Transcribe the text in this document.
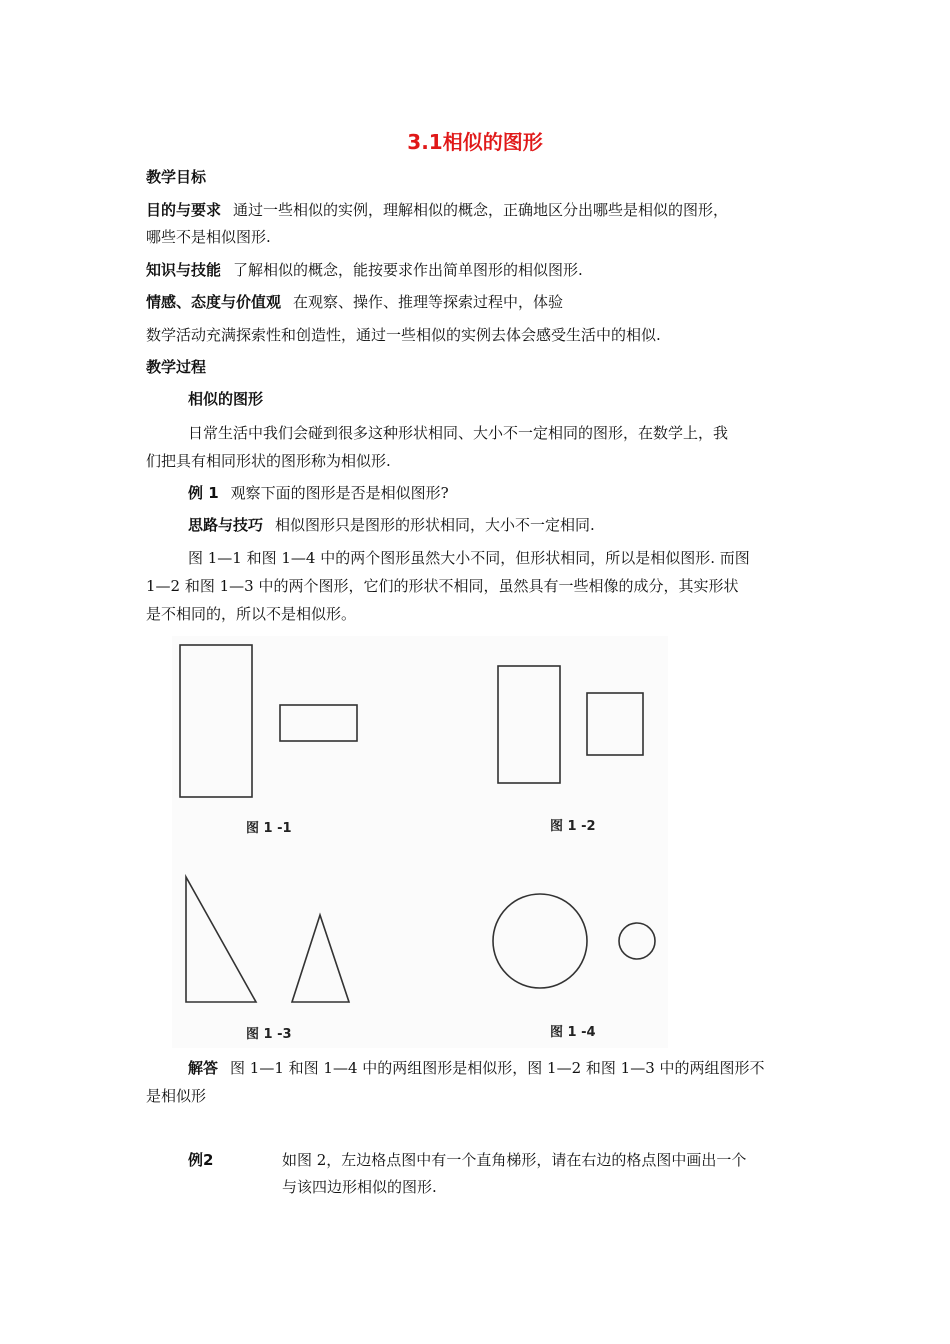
3.1相似的图形
教学目标
目的与要求 通过一些相似的实例，理解相似的概念，正确地区分出哪些是相似的图形，
哪些不是相似图形.
知识与技能 了解相似的概念，能按要求作出简单图形的相似图形.
情感、态度与价值观 在观察、操作、推理等探索过程中，体验
数学活动充满探索性和创造性，通过一些相似的实例去体会感受生活中的相似.
教学过程
相似的图形
日常生活中我们会碰到很多这种形状相同、大小不一定相同的图形，在数学上，我
们把具有相同形状的图形称为相似形.
例 1 观察下面的图形是否是相似图形?
思路与技巧 相似图形只是图形的形状相同，大小不一定相同.
图 1—1 和图 1—4 中的两个图形虽然大小不同，但形状相同，所以是相似图形. 而图
1—2 和图 1—3 中的两个图形，它们的形状不相同，虽然具有一些相像的成分，其实形状
是不相同的，所以不是相似形。
图 1 -1	图 1 -2
图 1 -3	图 1 -4
解答 图 1—1 和图 1—4 中的两组图形是相似形，图 1—2 和图 1—3 中的两组图形不
是相似形
例2	如图 2，左边格点图中有一个直角梯形，请在右边的格点图中画出一个
与该四边形相似的图形.
